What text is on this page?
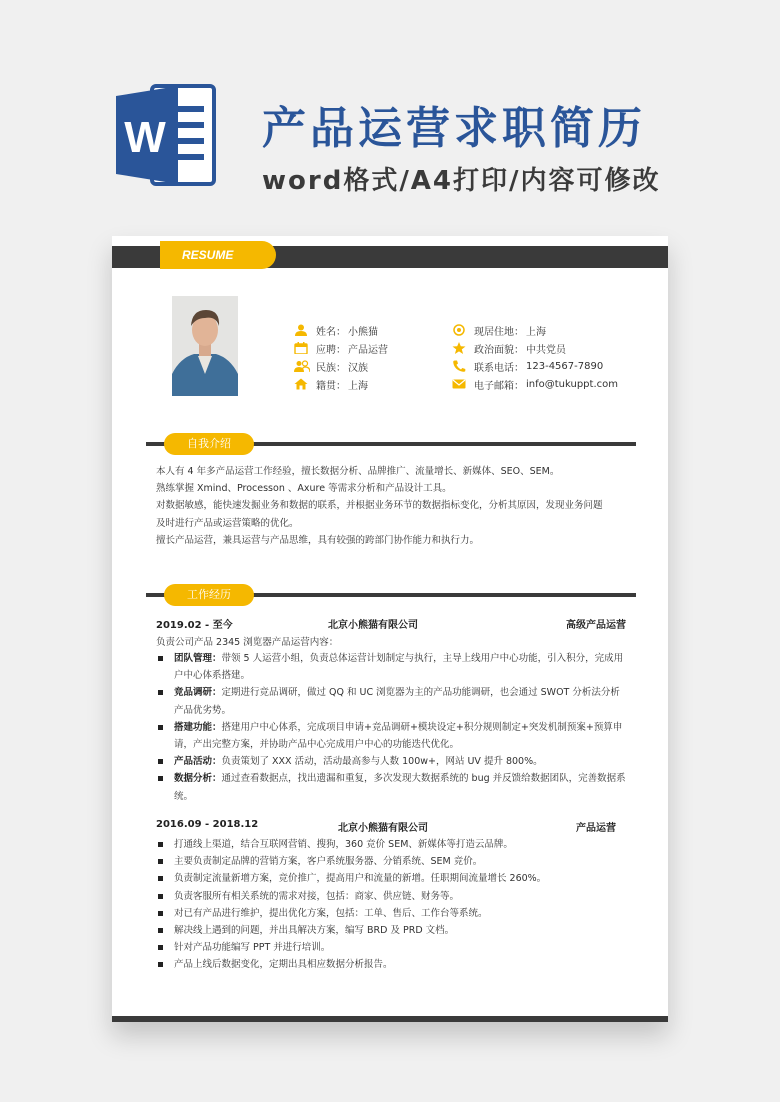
W 产品运营求职简历
word格式/A4打印/内容可修改
RESUME
姓名： 小熊猫
应聘： 产品运营
民族： 汉族
籍贯： 上海
现居住地： 上海
政治面貌： 中共党员
联系电话： 123-4567-7890
电子邮箱： info@tukuppt.com
自我介绍

本人有 4 年多产品运营工作经验，擅长数据分析、品牌推广、流量增长、新媒体、SEO、SEM。

熟练掌握 Xmind、Processon 、Axure 等需求分析和产品设计工具。

对数据敏感，能快速发掘业务和数据的联系，并根据业务环节的数据指标变化，分析其原因，发现业务问题

及时进行产品或运营策略的优化。

擅长产品运营，兼具运营与产品思维，具有较强的跨部门协作能力和执行力。

工作经历
2019.02 - 至今	北京小熊猫有限公司	高级产品运营
负责公司产品 2345 浏览器产品运营内容：
团队管理：带领 5 人运营小组，负责总体运营计划制定与执行，主导上线用户中心功能，引入积分，完成用户中心体系搭建。
竞品调研：定期进行竞品调研，做过 QQ 和 UC 浏览器为主的产品功能调研，也会通过 SWOT 分析法分析产品优劣势。
搭建功能：搭建用户中心体系，完成项目申请+竞品调研+模块设定+积分规则制定+突发机制预案+预算申请，产出完整方案，并协助产品中心完成用户中心的功能迭代优化。
产品活动：负责策划了 XXX 活动，活动最高参与人数 100w+，网站 UV 提升 800%。
数据分析：通过查看数据点，找出遗漏和重复，多次发现大数据系统的 bug 并反馈给数据团队，完善数据系统。
2016.09 - 2018.12	北京小熊猫有限公司	产品运营
打通线上渠道，结合互联网营销、搜狗，360 竞价 SEM、新媒体等打造云品牌。
主要负责制定品牌的营销方案，客户系统服务器、分销系统、SEM 竞价。
负责制定流量新增方案，竞价推广，提高用户和流量的新增。任职期间流量增长 260%。
负责客服所有相关系统的需求对接，包括：商家、供应链、财务等。
对已有产品进行维护，提出优化方案，包括：工单、售后、工作台等系统。
解决线上遇到的问题，并出具解决方案，编写 BRD 及 PRD 文档。
针对产品功能编写 PPT 并进行培训。
产品上线后数据变化，定期出具相应数据分析报告。
